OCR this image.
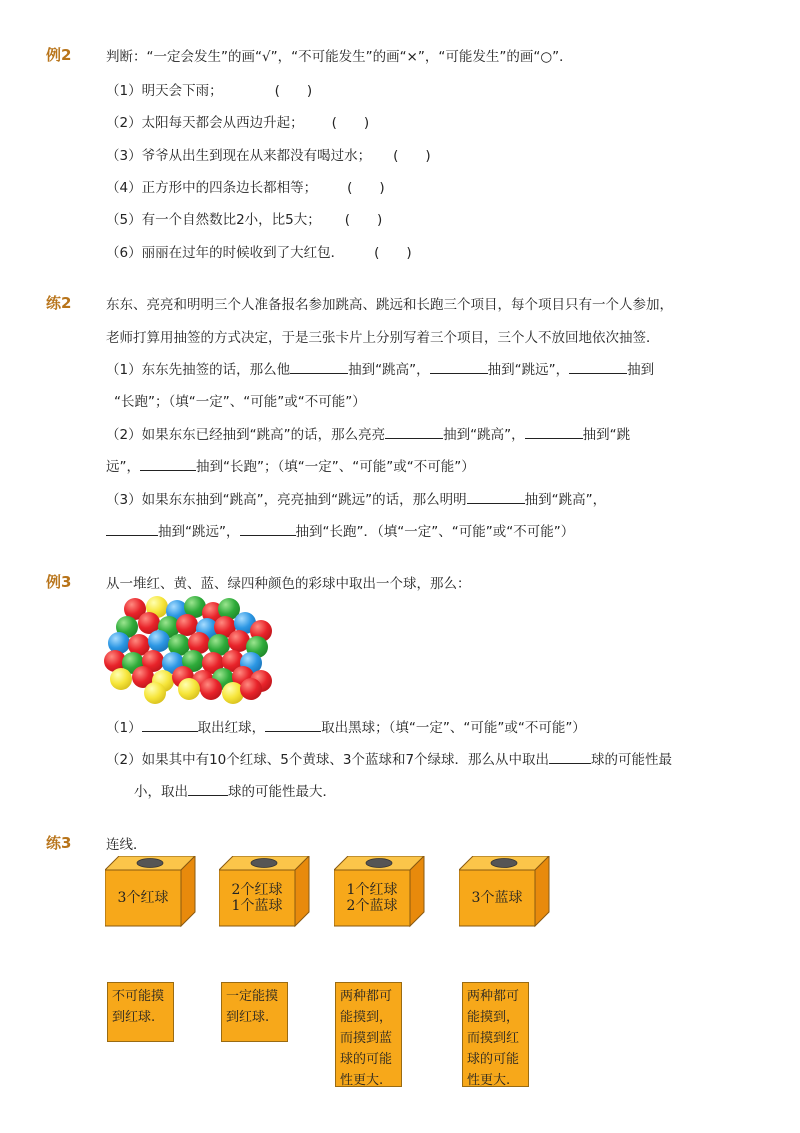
例2	判断：“一定会发生”的画“√”，“不可能发生”的画“×”，“可能发生”的画“○”．
（1）明天会下雨；	(　　)
（2）太阳每天都会从西边升起； (　　)
（3）爷爷从出生到现在从来都没有喝过水； (　　)
（4）正方形中的四条边长都相等； (　　)
（5）有一个自然数比2小，比5大； (　　)
（6）丽丽在过年的时候收到了大红包． (　　)
练2	东东、亮亮和明明三个人准备报名参加跳高、跳远和长跑三个项目，每个项目只有一个人参加，
老师打算用抽签的方式决定，于是三张卡片上分别写着三个项目，三个人不放回地依次抽签．
（1）东东先抽签的话，那么他	抽到“跳高”，	抽到“跳远”，	抽到
“长跑”；（填“一定”、“可能”或“不可能”）
（2）如果东东已经抽到“跳高”的话，那么亮亮	抽到“跳高”，	抽到“跳
远”，	抽到“长跑”；（填“一定”、“可能”或“不可能”）
（3）如果东东抽到“跳高”，亮亮抽到“跳远”的话，那么明明	抽到“跳高”，
抽到“跳远”，	抽到“长跑”．（填“一定”、“可能”或“不可能”）
例3	从一堆红、黄、蓝、绿四种颜色的彩球中取出一个球，那么：
（1）	取出红球，	取出黑球；（填“一定”、“可能”或“不可能”）
（2）如果其中有10个红球、5个黄球、3个蓝球和7个绿球．那么从中取出	球的可能性最
小，取出	球的可能性最大．
练3	连线．
3个红球	2个红球
1个蓝球
1个红球
2个蓝球	3个蓝球
不可能摸到红球.
一定能摸到红球.
两种都可能摸到，而摸到蓝球的可能性更大.
两种都可能摸到，而摸到红球的可能性更大.
